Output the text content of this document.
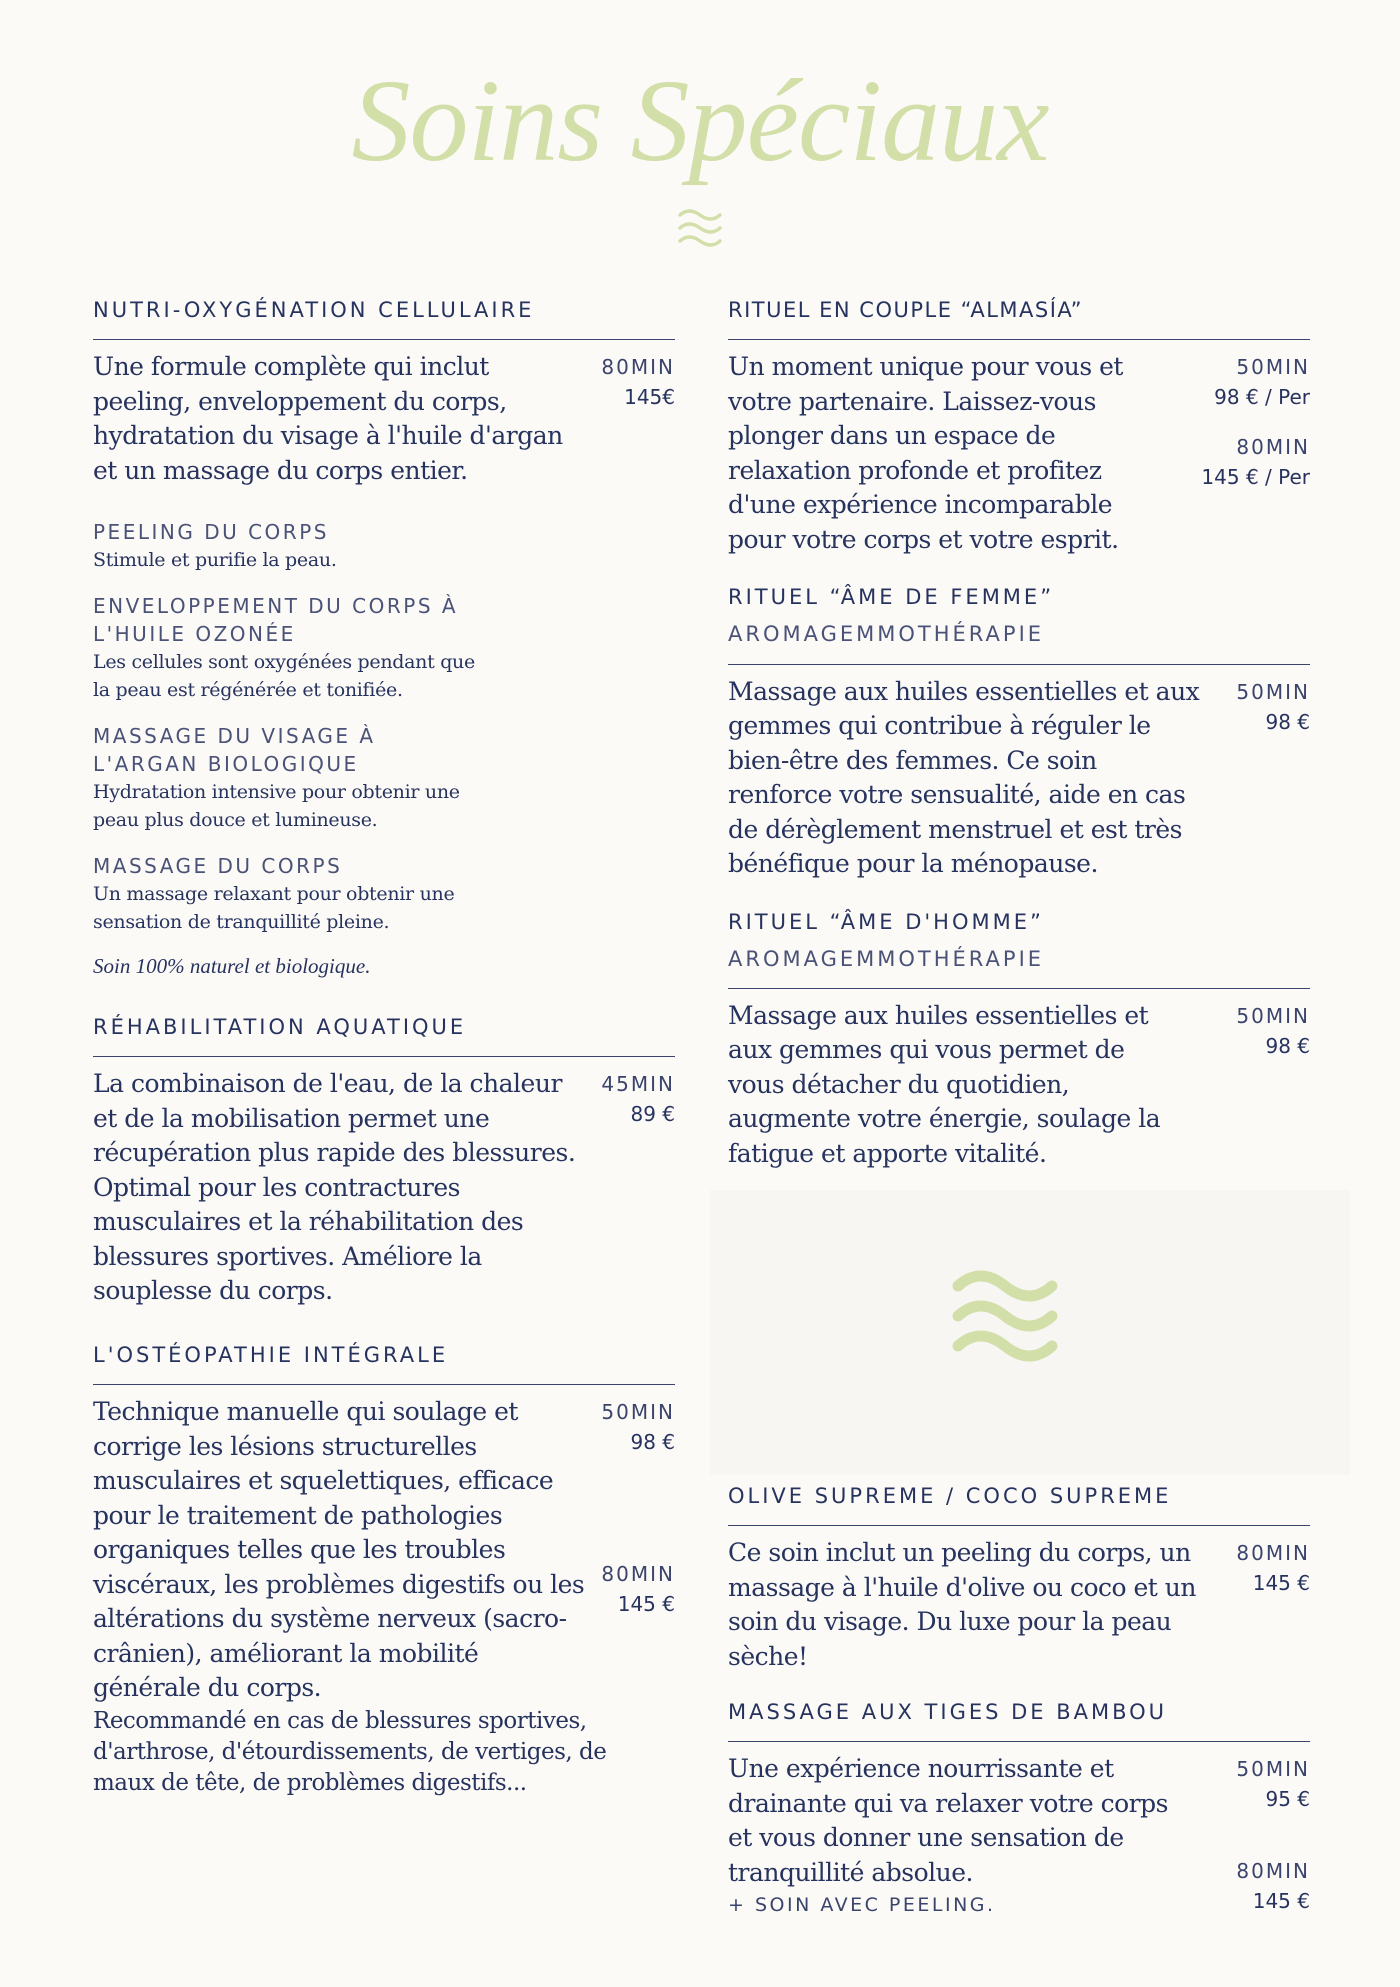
Soins Spéciaux
NUTRI-OXYGÉNATION CELLULAIRE

Une formule complète qui inclut peeling, enveloppement du corps, hydratation du visage à l'huile d'argan et un massage du corps entier.

80MIN
145€
PEELING DU CORPS

Stimule et purifie la peau.

ENVELOPPEMENT DU CORPS À L'HUILE OZONÉE

Les cellules sont oxygénées pendant que la peau est régénérée et tonifiée.

MASSAGE DU VISAGE À L'ARGAN BIOLOGIQUE

Hydratation intensive pour obtenir une peau plus douce et lumineuse.

MASSAGE DU CORPS

Un massage relaxant pour obtenir une sensation de tranquillité pleine.

Soin 100% naturel et biologique.

RÉHABILITATION AQUATIQUE

La combinaison de l'eau, de la chaleur et de la mobilisation permet une récupération plus rapide des blessures. Optimal pour les contractures musculaires et la réhabilitation des blessures sportives. Améliore la souplesse du corps.

45MIN
89 €
L'OSTÉOPATHIE INTÉGRALE

Technique manuelle qui soulage et corrige les lésions structurelles musculaires et squelettiques, efficace pour le traitement de pathologies organiques telles que les troubles viscéraux, les problèmes digestifs ou les altérations du système nerveux (sacro-crânien), améliorant la mobilité générale du corps.

Recommandé en cas de blessures sportives, d'arthrose, d'étourdissements, de vertiges, de maux de tête, de problèmes digestifs...

50MIN
98 €
80MIN
145 €
RITUEL EN COUPLE “ALMASÍA”

Un moment unique pour vous et votre partenaire. Laissez-vous plonger dans un espace de relaxation profonde et profitez d'une expérience incomparable pour votre corps et votre esprit.

50MIN
98 € / Per
80MIN
145 € / Per
RITUEL “ÂME DE FEMME”
AROMAGEMMOTHÉRAPIE

Massage aux huiles essentielles et aux gemmes qui contribue à réguler le bien-être des femmes. Ce soin renforce votre sensualité, aide en cas de dérèglement menstruel et est très bénéfique pour la ménopause.

50MIN
98 €
RITUEL “ÂME D'HOMME”
AROMAGEMMOTHÉRAPIE

Massage aux huiles essentielles et aux gemmes qui vous permet de vous détacher du quotidien, augmente votre énergie, soulage la fatigue et apporte vitalité.

50MIN
98 €
OLIVE SUPREME / COCO SUPREME

Ce soin inclut un peeling du corps, un massage à l'huile d'olive ou coco et un soin du visage. Du luxe pour la peau sèche!

80MIN
145 €
MASSAGE AUX TIGES DE BAMBOU

Une expérience nourrissante et drainante qui va relaxer votre corps et vous donner une sensation de tranquillité absolue.

+ SOIN AVEC PEELING.
50MIN
95 €
80MIN
145 €
